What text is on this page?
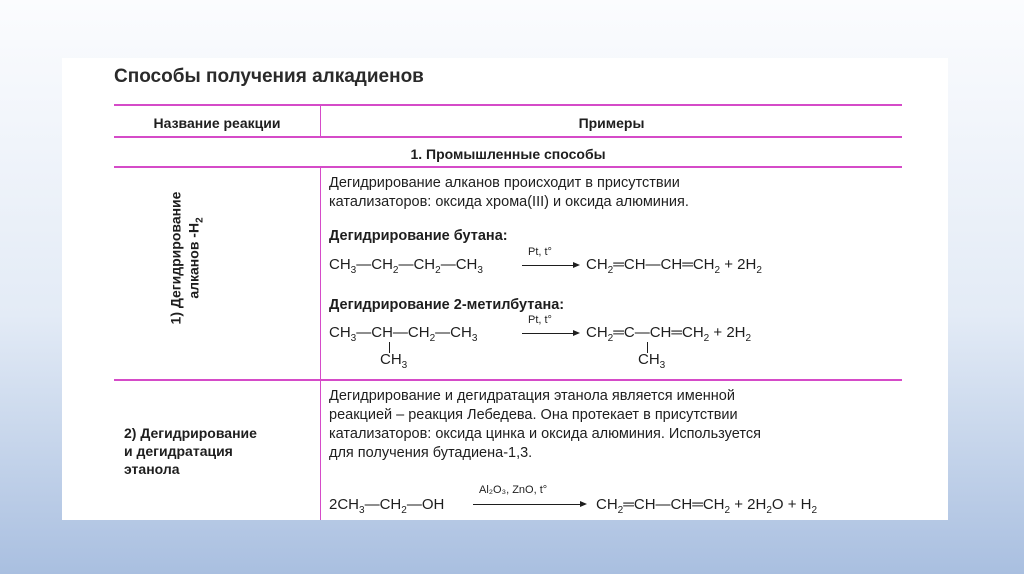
Способы получения алкадиенов
Название реакции	Примеры
1. Промышленные способы
1) Дегидрирование алканов $-H_2$
Дегидрирование алканов происходит в присутствии
катализаторов: оксида хрома(III) и оксида алюминия.
Дегидрирование бутана:
$CH_3—CH_2—CH_2—CH_3$
Pt, t°
→ $CH_2═CH—CH═CH_2 + 2H_2$
Дегидрирование 2-метилбутана:
$CH_3—CH—CH_2—CH_3$
$CH_3$
Pt, t°
→ $CH_2═C—CH═CH_2 + 2H_2$
$CH_3$
2) Дегидрирование
и дегидратация
этанола
Дегидрирование и дегидратация этанола является именной
реакцией – реакция Лебедева. Она протекает в присутствии
катализаторов: оксида цинка и оксида алюминия. Используется
для получения бутадиена-1,3.
$2CH_3—CH_2—OH$
Al₂O₃, ZnO, t°
$CH_2═CH—CH═CH_2 + 2H_2O + H_2$
